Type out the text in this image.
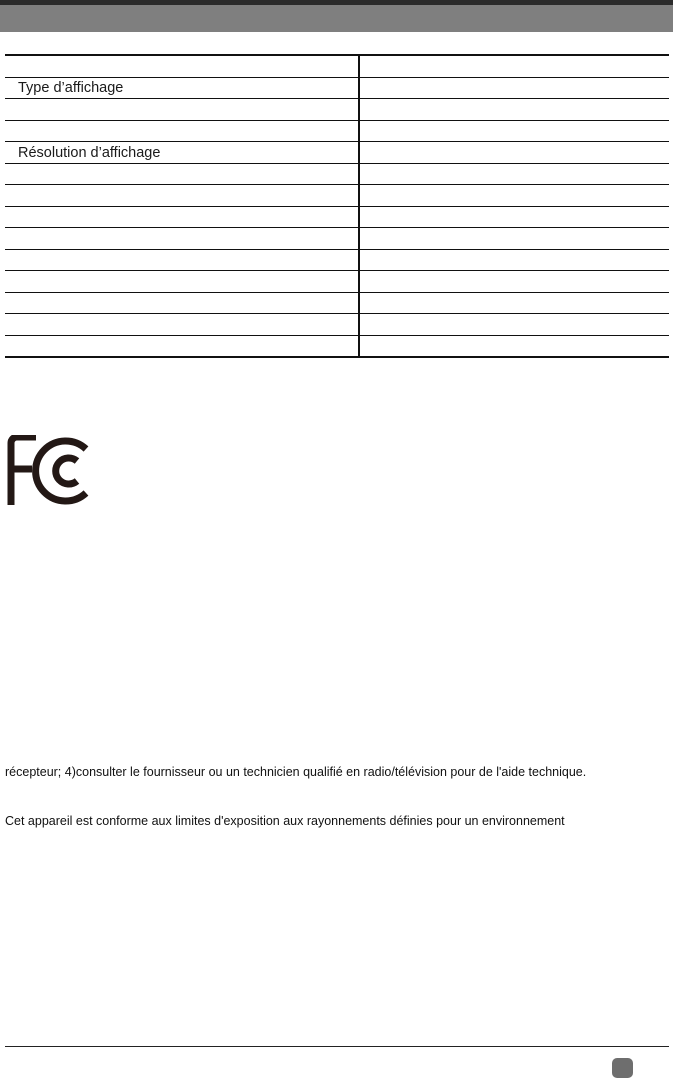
Type d’affichage	

Résolution d’affichage	

récepteur; 4)consulter le fournisseur ou un technicien qualifié en radio/télévision pour de l'aide technique.

Cet appareil est conforme aux limites d'exposition aux rayonnements définies pour un environnement
